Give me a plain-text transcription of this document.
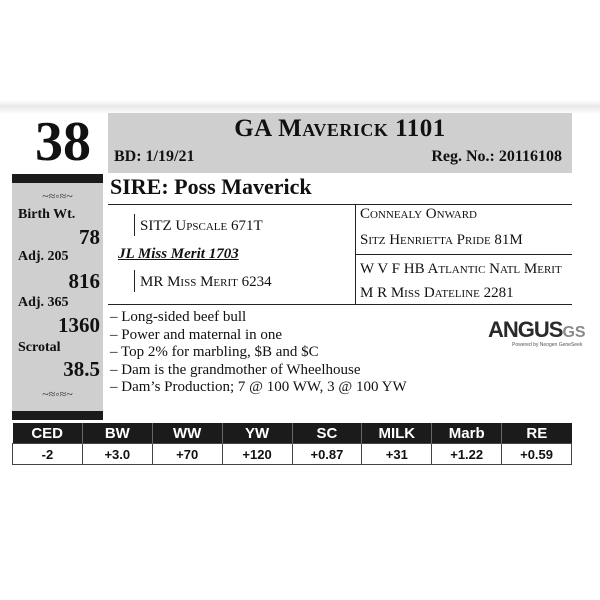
38	GA Maverick 1101
BD: 1/19/21	Reg. No.: 20116108
SIRE: Poss Maverick
~≈◦≈~
Birth Wt.
78
Adj. 205
816
Adj. 365
1360
Scrotal
38.5
~≈◦≈~
SITZ Upscale 671T
JL Miss Merit 1703
MR Miss Merit 6234
Connealy Onward
Sitz Henrietta Pride 81M
W V F HB Atlantic Natl Merit
M R Miss Dateline 2281
– Long-sided beef bull
– Power and maternal in one
– Top 2% for marbling, $B and $C
– Dam is the grandmother of Wheelhouse
– Dam’s Production; 7 @ 100 WW, 3 @ 100 YW
ANGUSGS
Powered by Neogen GeneSeek
CED	BW	WW	YW	SC	MILK	Marb	RE
-2	+3.0	+70	+120	+0.87	+31	+1.22	+0.59
